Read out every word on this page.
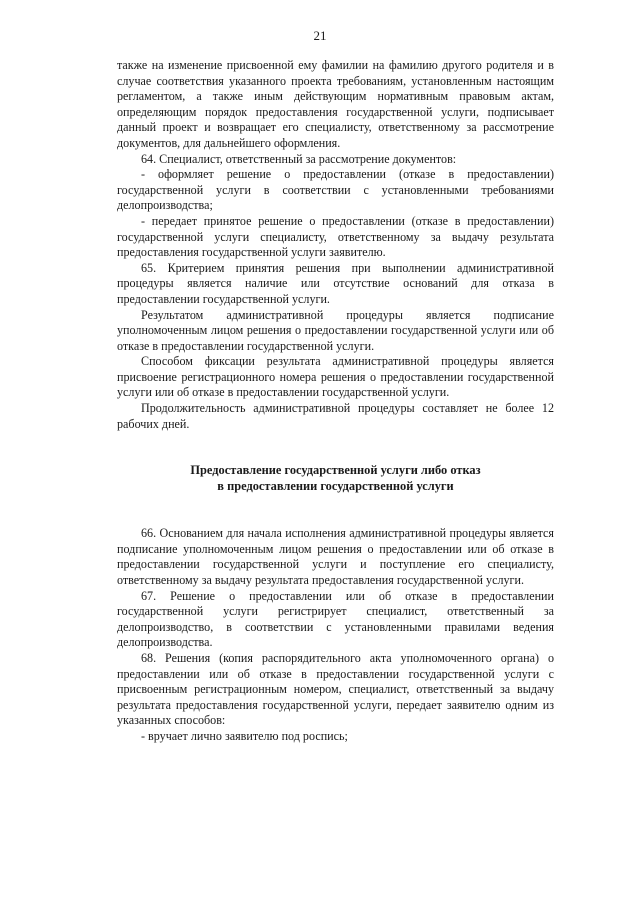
21

также на изменение присвоенной ему фамилии на фамилию другого родителя и в случае соответствия указанного проекта требованиям, установленным настоящим регламентом, а также иным действующим нормативным правовым актам, определяющим порядок предоставления государственной услуги, подписывает данный проект и возвращает его специалисту, ответственному за рассмотрение документов, для дальнейшего оформления.

64. Специалист, ответственный за рассмотрение документов:

- оформляет решение о предоставлении (отказе в предоставлении) государственной услуги в соответствии с установленными требованиями делопроизводства;

- передает принятое решение о предоставлении (отказе в предоставлении) государственной услуги специалисту, ответственному за выдачу результата предоставления государственной услуги заявителю.

65. Критерием принятия решения при выполнении административной процедуры является наличие или отсутствие оснований для отказа в предоставлении государственной услуги.

Результатом административной процедуры является подписание уполномоченным лицом решения о предоставлении государственной услуги или об отказе в предоставлении государственной услуги.

Способом фиксации результата административной процедуры является присвоение регистрационного номера решения о предоставлении государственной услуги или об отказе в предоставлении государственной услуги.

Продолжительность административной процедуры составляет не более 12 рабочих дней.

Предоставление государственной услуги либо отказ
в предоставлении государственной услуги

66. Основанием для начала исполнения административной процедуры является подписание уполномоченным лицом решения о предоставлении или об отказе в предоставлении государственной услуги и поступление его специалисту, ответственному за выдачу результата предоставления государственной услуги.

67. Решение о предоставлении или об отказе в предоставлении государственной услуги регистрирует специалист, ответственный за делопроизводство, в соответствии с установленными правилами ведения делопроизводства.

68. Решения (копия распорядительного акта уполномоченного органа) о предоставлении или об отказе в предоставлении государственной услуги с присвоенным регистрационным номером, специалист, ответственный за выдачу результата предоставления государственной услуги, передает заявителю одним из указанных способов:

- вручает лично заявителю под роспись;
